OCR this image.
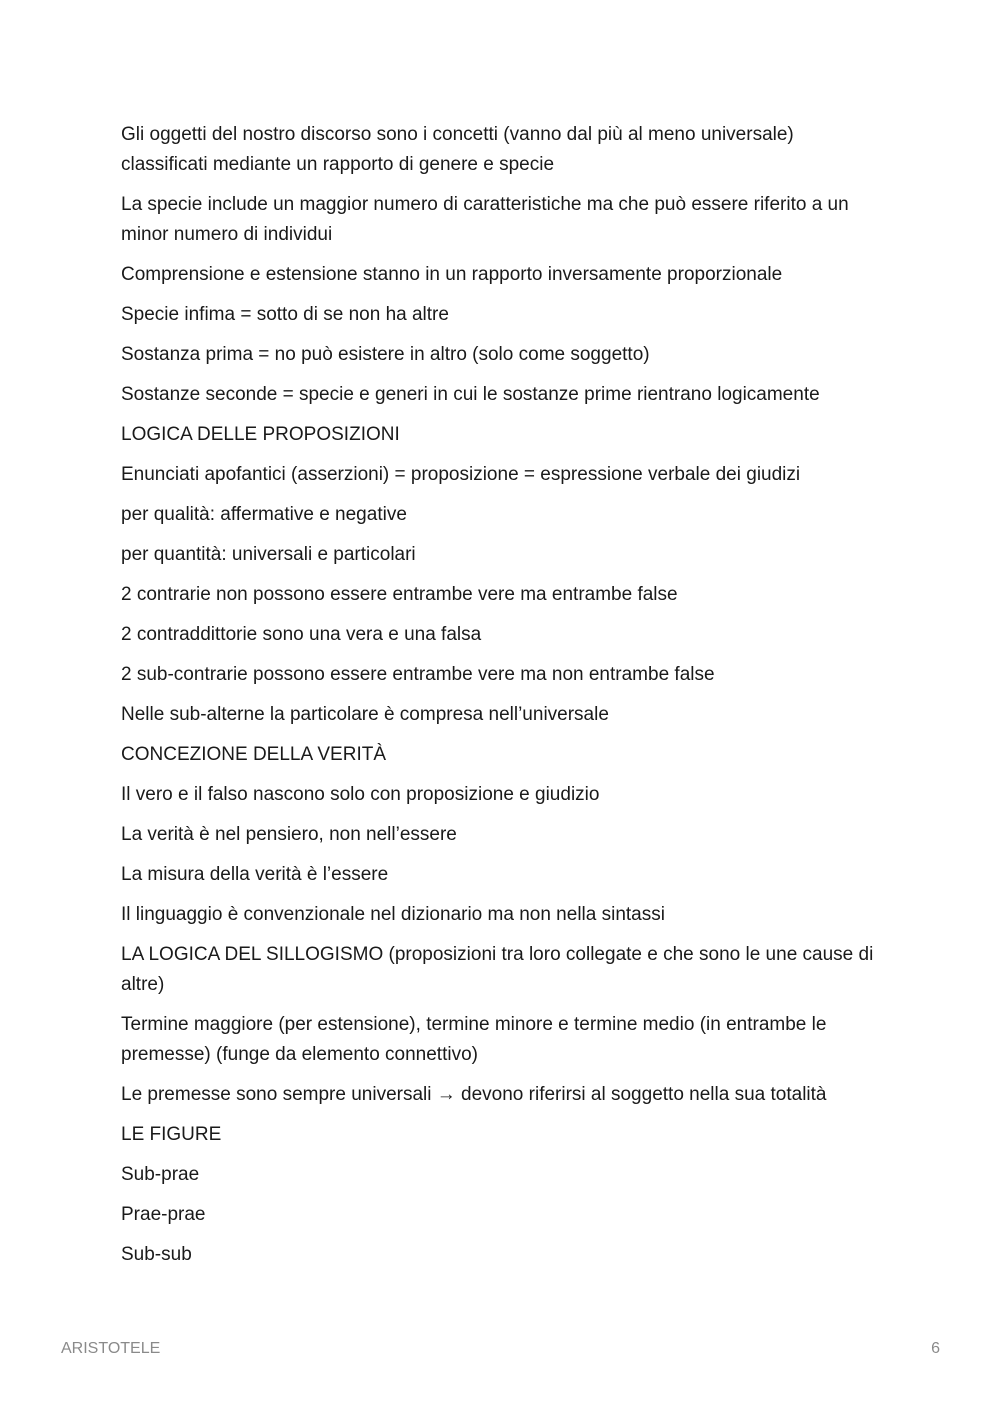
Gli oggetti del nostro discorso sono i concetti (vanno dal più al meno universale) classificati mediante un rapporto di genere e specie

La specie include un maggior numero di caratteristiche ma che può essere riferito a un minor numero di individui

Comprensione e estensione stanno in un rapporto inversamente proporzionale

Specie infima = sotto di se non ha altre

Sostanza prima = no può esistere in altro (solo come soggetto)

Sostanze seconde = specie e generi in cui le sostanze prime rientrano logicamente

LOGICA DELLE PROPOSIZIONI

Enunciati apofantici (asserzioni) = proposizione = espressione verbale dei giudizi

per qualità: affermative e negative

per quantità: universali e particolari

2 contrarie non possono essere entrambe vere ma entrambe false

2 contraddittorie sono una vera e una falsa

2 sub-contrarie possono essere entrambe vere ma non entrambe false

Nelle sub-alterne la particolare è compresa nell’universale

CONCEZIONE DELLA VERITÀ

Il vero e il falso nascono solo con proposizione e giudizio

La verità è nel pensiero, non nell’essere

La misura della verità è l’essere

Il linguaggio è convenzionale nel dizionario ma non nella sintassi

LA LOGICA DEL SILLOGISMO (proposizioni tra loro collegate e che sono le une cause di altre)

Termine maggiore (per estensione), termine minore e termine medio (in entrambe le premesse) (funge da elemento connettivo)

Le premesse sono sempre universali → devono riferirsi al soggetto nella sua totalità

LE FIGURE

Sub-prae

Prae-prae

Sub-sub

ARISTOTELE	6
